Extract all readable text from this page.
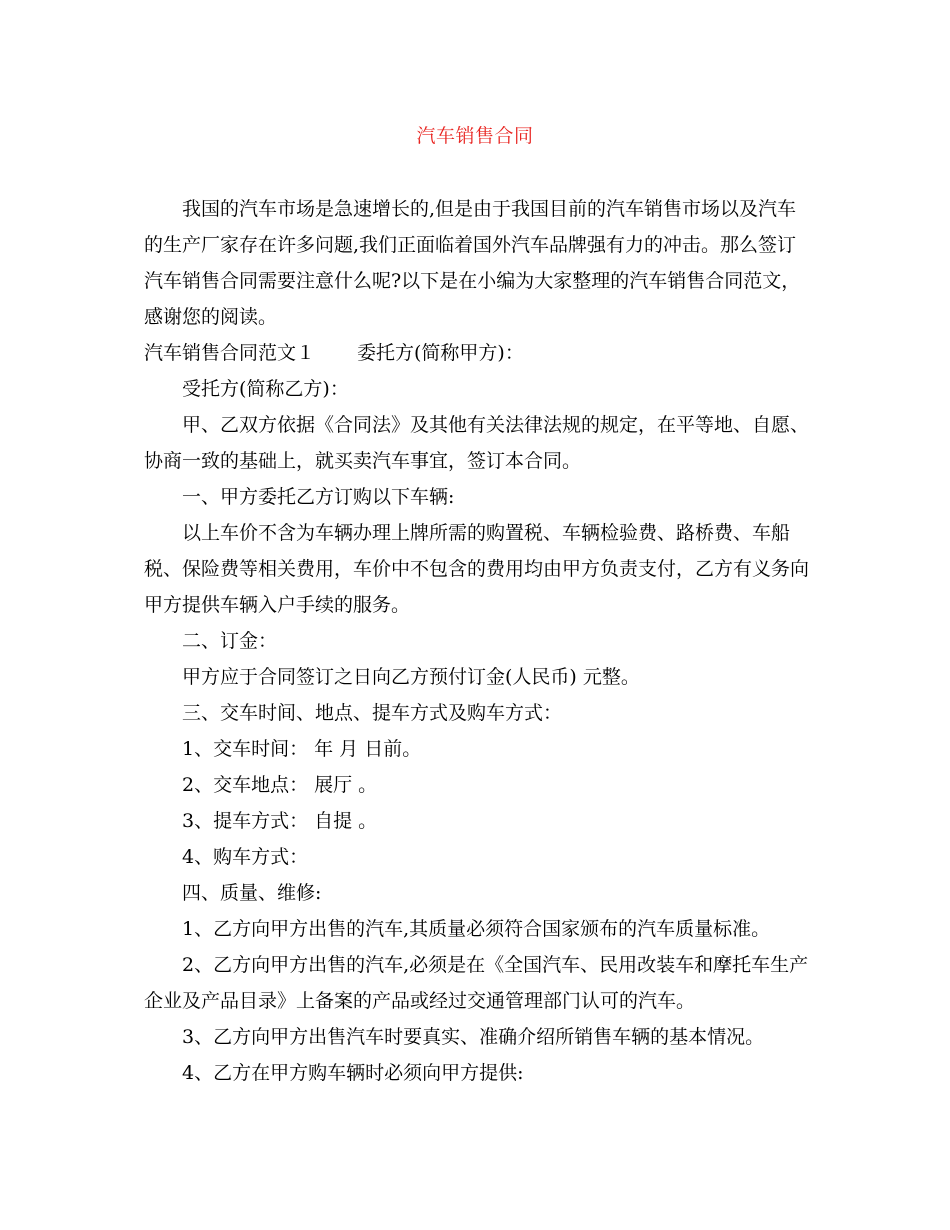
汽车销售合同

我国的汽车市场是急速增长的,但是由于我国目前的汽车销售市场以及汽车的生产厂家存在许多问题,我们正面临着国外汽车品牌强有力的冲击。那么签订汽车销售合同需要注意什么呢?以下是在小编为大家整理的汽车销售合同范文，感谢您的阅读。

汽车销售合同范文１ 委托方(简称甲方)：

受托方(简称乙方)：

甲、乙双方依据《合同法》及其他有关法律法规的规定，在平等地、自愿、协商一致的基础上，就买卖汽车事宜，签订本合同。

一、甲方委托乙方订购以下车辆:

以上车价不含为车辆办理上牌所需的购置税、车辆检验费、路桥费、车船税、保险费等相关费用，车价中不包含的费用均由甲方负责支付，乙方有义务向甲方提供车辆入户手续的服务。

二、订金：

甲方应于合同签订之日向乙方预付订金(人民币) 元整。

三、交车时间、地点、提车方式及购车方式：

1、交车时间： 年 月 日前。

2、交车地点： 展厅 。

3、提车方式： 自提 。

4、购车方式：

四、质量、维修:

1、乙方向甲方出售的汽车,其质量必须符合国家颁布的汽车质量标准。

2、乙方向甲方出售的汽车,必须是在《全国汽车、民用改装车和摩托车生产企业及产品目录》上备案的产品或经过交通管理部门认可的汽车。

3、乙方向甲方出售汽车时要真实、准确介绍所销售车辆的基本情况。

4、乙方在甲方购车辆时必须向甲方提供:
